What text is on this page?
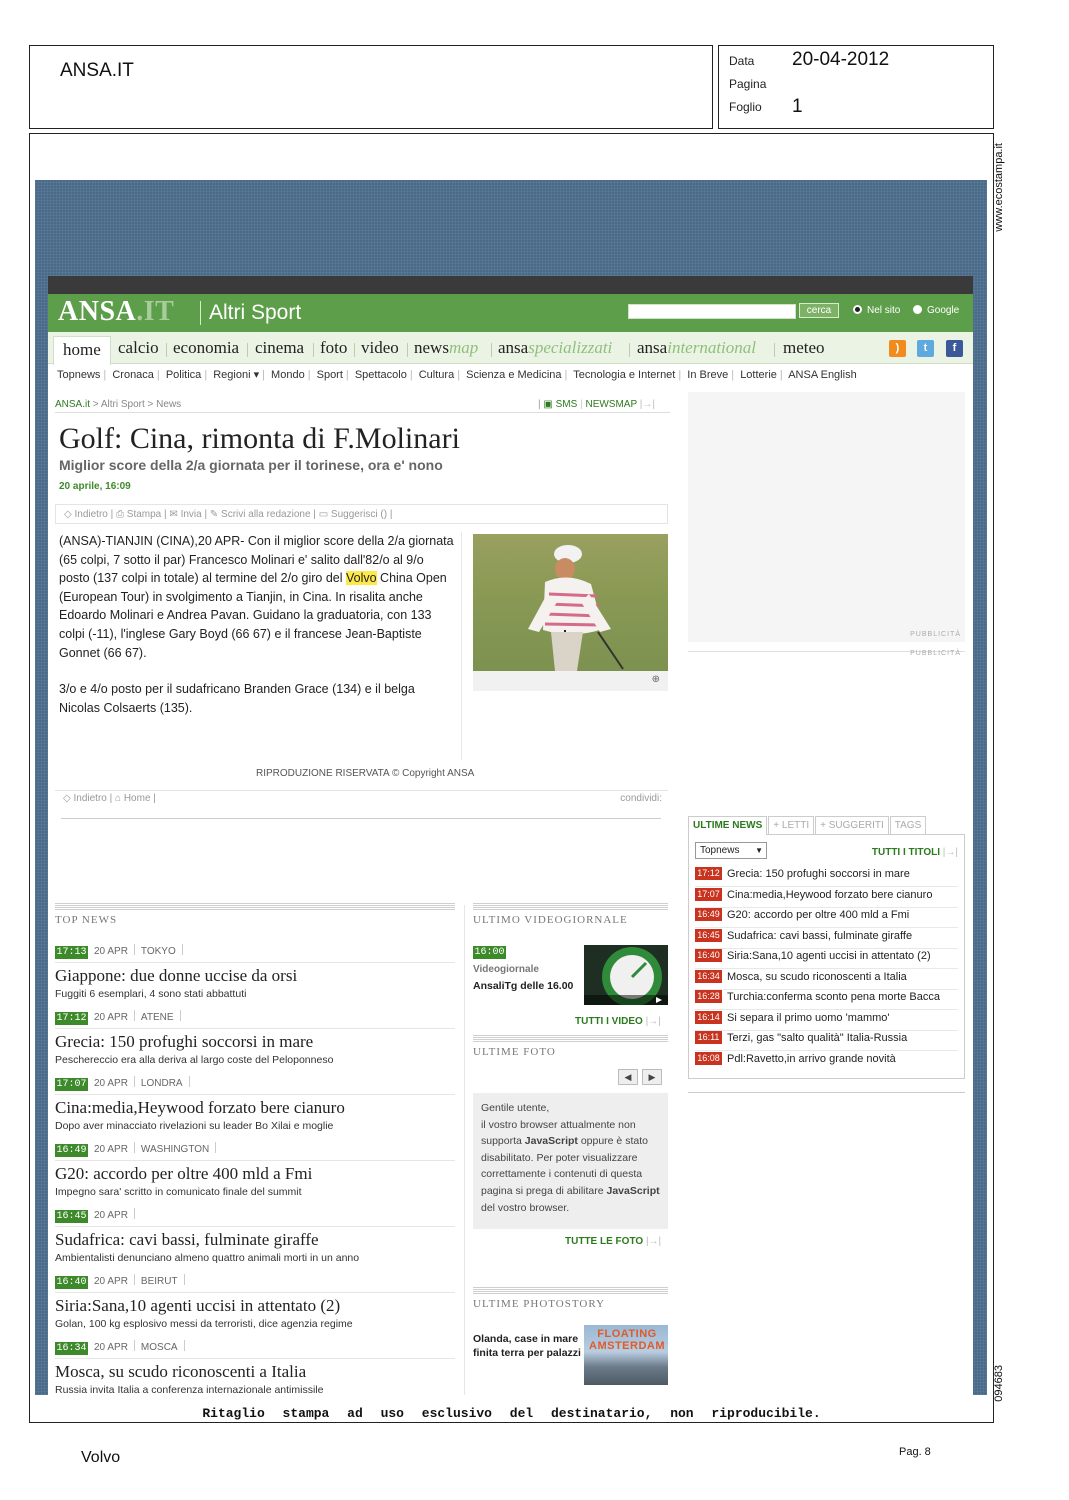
ANSA.IT	Data 20-04-2012
Pagina
Foglio 1
www.ecostampa.it
094683
ANSA.IT Altri Sport	cerca	Nel sito	Google
home	calcio economia cinema foto video newsmap ansaspecializzati ansainternational meteo	)	t	f
Topnews | Cronaca | Politica | Regioni ▾ | Mondo | Sport | Spettacolo | Cultura | Scienza e Medicina | Tecnologia e Internet | In Breve | Lotterie | ANSA English
ANSA.it > Altri Sport > News	| ▣ SMS | NEWSMAP |→|
Golf: Cina, rimonta di F.Molinari
Miglior score della 2/a giornata per il torinese, ora e' nono
20 aprile, 16:09
◇ Indietro | ⎙ Stampa | ✉ Invia | ✎ Scrivi alla redazione | ▭ Suggerisci () |

(ANSA)-TIANJIN (CINA),20 APR- Con il miglior score della 2/a giornata (65 colpi, 7 sotto il par) Francesco Molinari e' salito dall'82/o al 9/o posto (137 colpi in totale) al termine del 2/o giro del Volvo China Open (European Tour) in svolgimento a Tianjin, in Cina. In risalita anche Edoardo Molinari e Andrea Pavan. Guidano la graduatoria, con 133 colpi (-11), l'inglese Gary Boyd (66 67) e il francese Jean-Baptiste Gonnet (66 67).

3/o e 4/o posto per il sudafricano Branden Grace (134) e il belga Nicolas Colsaerts (135).

⊕
RIPRODUZIONE RISERVATA © Copyright ANSA
◇ Indietro | ⌂ Home |	condividi:
PUBBLICITÀ
PUBBLICITÀ
ULTIME NEWS + LETTI + SUGGERITI TAGS
Topnews ▼	TUTTI I TITOLI |→|
17:12 Grecia: 150 profughi soccorsi in mare
17:07 Cina:media,Heywood forzato bere cianuro
16:49 G20: accordo per oltre 400 mld a Fmi
16:45 Sudafrica: cavi bassi, fulminate giraffe
16:40 Siria:Sana,10 agenti uccisi in attentato (2)
16:34 Mosca, su scudo riconoscenti a Italia
16:28 Turchia:conferma sconto pena morte Bacca
16:14 Si separa il primo uomo 'mammo'
16:11 Terzi, gas "salto qualità" Italia-Russia
16:08 Pdl:Ravetto,in arrivo grande novità
TOP NEWS
17:13 20 APR TOKYO
Giappone: due donne uccise da orsi
Fuggiti 6 esemplari, 4 sono stati abbattuti
17:12 20 APR ATENE
Grecia: 150 profughi soccorsi in mare
Peschereccio era alla deriva al largo coste del Peloponneso
17:07 20 APR LONDRA
Cina:media,Heywood forzato bere cianuro
Dopo aver minacciato rivelazioni su leader Bo Xilai e moglie
16:49 20 APR WASHINGTON
G20: accordo per oltre 400 mld a Fmi
Impegno sara' scritto in comunicato finale del summit
16:45 20 APR
Sudafrica: cavi bassi, fulminate giraffe
Ambientalisti denunciano almeno quattro animali morti in un anno
16:40 20 APR BEIRUT
Siria:Sana,10 agenti uccisi in attentato (2)
Golan, 100 kg esplosivo messi da terroristi, dice agenzia regime
16:34 20 APR MOSCA
Mosca, su scudo riconoscenti a Italia
Russia invita Italia a conferenza internazionale antimissile
ULTIMO VIDEOGIORNALE
16:00
Videogiornale
AnsaliTg delle 16.00
TUTTI I VIDEO |→|
ULTIME FOTO
◀ ▶
Gentile utente,
il vostro browser attualmente non supporta JavaScript oppure è stato disabilitato. Per poter visualizzare correttamente i contenuti di questa pagina si prega di abilitare JavaScript del vostro browser.
TUTTE LE FOTO |→|
ULTIME PHOTOSTORY
Olanda, case in mare finita terra per palazzi
FLOATING
AMSTERDAM
Ritaglio stampa ad uso esclusivo del destinatario, non riproducibile.
Volvo	Pag. 8
